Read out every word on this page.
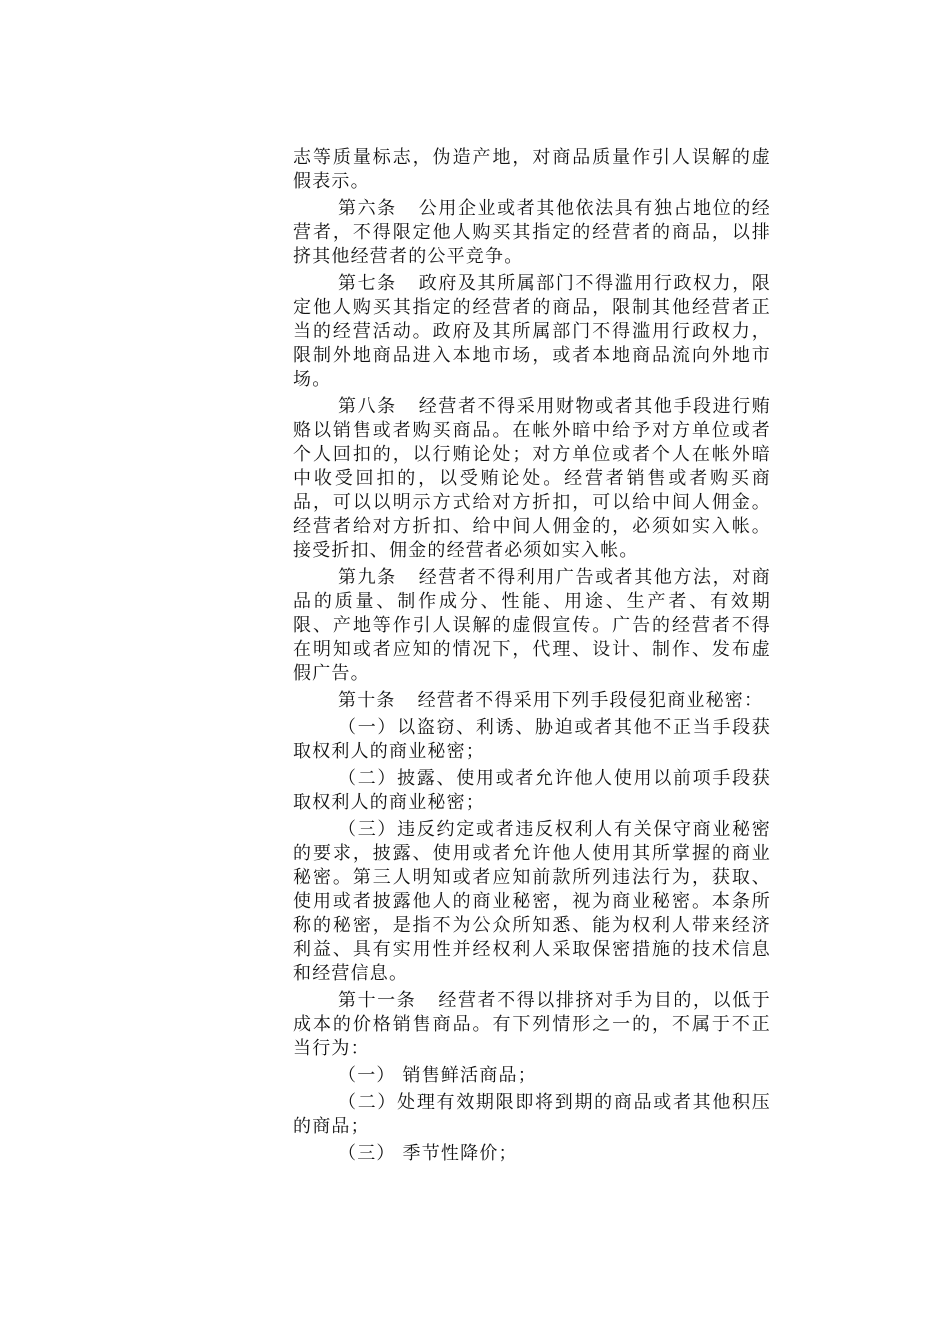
志等质量标志，伪造产地，对商品质量作引人误解的虚假表示。

第六条 公用企业或者其他依法具有独占地位的经营者，不得限定他人购买其指定的经营者的商品，以排挤其他经营者的公平竞争。

第七条 政府及其所属部门不得滥用行政权力，限定他人购买其指定的经营者的商品，限制其他经营者正当的经营活动。政府及其所属部门不得滥用行政权力，限制外地商品进入本地市场，或者本地商品流向外地市场。

第八条 经营者不得采用财物或者其他手段进行贿赂以销售或者购买商品。在帐外暗中给予对方单位或者个人回扣的，以行贿论处；对方单位或者个人在帐外暗中收受回扣的，以受贿论处。经营者销售或者购买商品，可以以明示方式给对方折扣，可以给中间人佣金。经营者给对方折扣、给中间人佣金的，必须如实入帐。接受折扣、佣金的经营者必须如实入帐。

第九条 经营者不得利用广告或者其他方法，对商品的质量、制作成分、性能、用途、生产者、有效期限、产地等作引人误解的虚假宣传。广告的经营者不得在明知或者应知的情况下，代理、设计、制作、发布虚假广告。

第十条 经营者不得采用下列手段侵犯商业秘密：

（一）以盗窃、利诱、胁迫或者其他不正当手段获取权利人的商业秘密；

（二）披露、使用或者允许他人使用以前项手段获取权利人的商业秘密；

（三）违反约定或者违反权利人有关保守商业秘密的要求，披露、使用或者允许他人使用其所掌握的商业秘密。第三人明知或者应知前款所列违法行为，获取、使用或者披露他人的商业秘密，视为商业秘密。本条所称的秘密，是指不为公众所知悉、能为权利人带来经济利益、具有实用性并经权利人采取保密措施的技术信息和经营信息。

第十一条 经营者不得以排挤对手为目的，以低于成本的价格销售商品。有下列情形之一的，不属于不正当行为：

（一） 销售鲜活商品；

（二）处理有效期限即将到期的商品或者其他积压的商品；

（三） 季节性降价；
